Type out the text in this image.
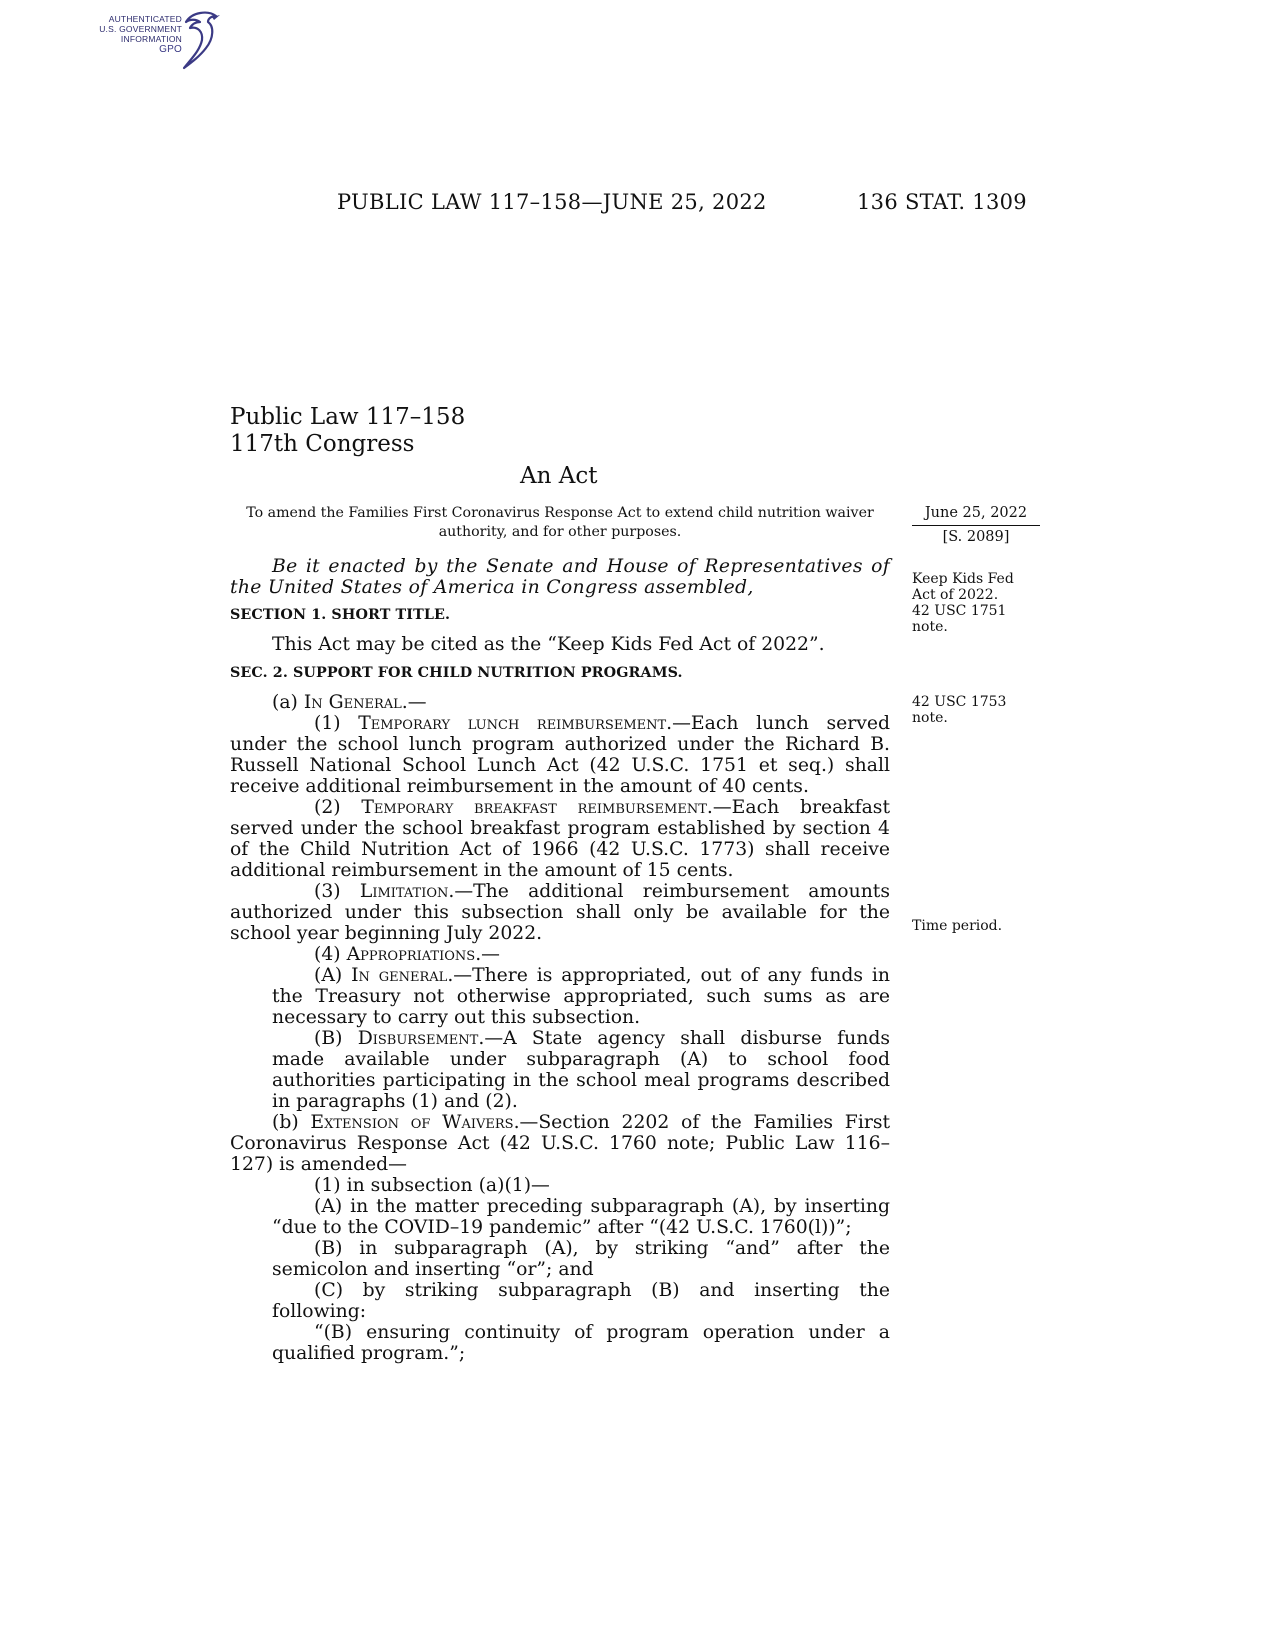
AUTHENTICATED
U.S. GOVERNMENT
INFORMATION
GPO
PUBLIC LAW 117–158—JUNE 25, 2022	136 STAT. 1309
Public Law 117–158
117th Congress
An Act
To amend the Families First Coronavirus Response Act to extend child nutrition waiver authority, and for other purposes.
June 25, 2022
[S. 2089]

Be it enacted by the Senate and House of Representatives of the United States of America in Congress assembled,

SECTION 1. SHORT TITLE.

This Act may be cited as the “Keep Kids Fed Act of 2022”.

SEC. 2. SUPPORT FOR CHILD NUTRITION PROGRAMS.

(a) In General.—

(1) Temporary lunch reimbursement.—Each lunch served under the school lunch program authorized under the Richard B. Russell National School Lunch Act (42 U.S.C. 1751 et seq.) shall receive additional reimbursement in the amount of 40 cents.

(2) Temporary breakfast reimbursement.—Each breakfast served under the school breakfast program established by section 4 of the Child Nutrition Act of 1966 (42 U.S.C. 1773) shall receive additional reimbursement in the amount of 15 cents.

(3) Limitation.—The additional reimbursement amounts authorized under this subsection shall only be available for the school year beginning July 2022.

(4) Appropriations.—

(A) In general.—There is appropriated, out of any funds in the Treasury not otherwise appropriated, such sums as are necessary to carry out this subsection.

(B) Disbursement.—A State agency shall disburse funds made available under subparagraph (A) to school food authorities participating in the school meal programs described in paragraphs (1) and (2).

(b) Extension of Waivers.—Section 2202 of the Families First Coronavirus Response Act (42 U.S.C. 1760 note; Public Law 116–127) is amended—

(1) in subsection (a)(1)—

(A) in the matter preceding subparagraph (A), by inserting “due to the COVID–19 pandemic” after “(42 U.S.C. 1760(l))”;

(B) in subparagraph (A), by striking “and” after the semicolon and inserting “or”; and

(C) by striking subparagraph (B) and inserting the following:

“(B) ensuring continuity of program operation under a qualified program.”;

Keep Kids Fed Act of 2022.
42 USC 1751 note.
42 USC 1753 note.
Time period.
